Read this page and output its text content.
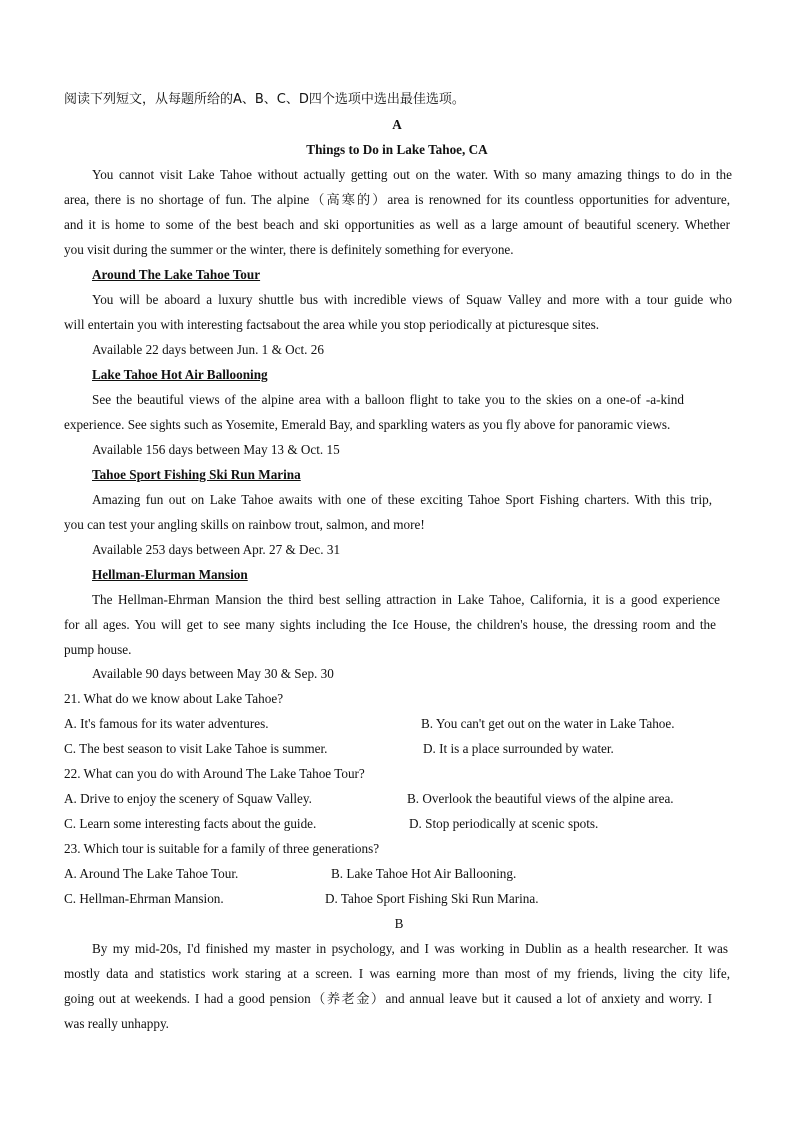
阅读下列短文，从每题所给的A、B、C、D四个选项中选出最佳选项。
A
Things to Do in Lake Tahoe, CA
You cannot visit Lake Tahoe without actually getting out on the water. With so many amazing things to do in the
area, there is no shortage of fun. The alpine（高寒的）area is renowned for its countless opportunities for adventure,
and it is home to some of the best beach and ski opportunities as well as a large amount of beautiful scenery. Whether
you visit during the summer or the winter, there is definitely something for everyone.
Around The Lake Tahoe Tour
You will be aboard a luxury shuttle bus with incredible views of Squaw Valley and more with a tour guide who
will entertain you with interesting factsabout the area while you stop periodically at picturesque sites.
Available 22 days between Jun. 1 & Oct. 26
Lake Tahoe Hot Air Ballooning
See the beautiful views of the alpine area with a balloon flight to take you to the skies on a one-of -a-kind
experience. See sights such as Yosemite, Emerald Bay, and sparkling waters as you fly above for panoramic views.
Available 156 days between May 13 & Oct. 15
Tahoe Sport Fishing Ski Run Marina
Amazing fun out on Lake Tahoe awaits with one of these exciting Tahoe Sport Fishing charters. With this trip,
you can test your angling skills on rainbow trout, salmon, and more!
Available 253 days between Apr. 27 & Dec. 31
Hellman-Elurman Mansion
The Hellman-Ehrman Mansion the third best selling attraction in Lake Tahoe, California, it is a good experience
for all ages. You will get to see many sights including the Ice House, the children's house, the dressing room and the
pump house.
Available 90 days between May 30 & Sep. 30
21. What do we know about Lake Tahoe?
A. It's famous for its water adventures.	B. You can't get out on the water in Lake Tahoe.
C. The best season to visit Lake Tahoe is summer.	D. It is a place surrounded by water.
22. What can you do with Around The Lake Tahoe Tour?
A. Drive to enjoy the scenery of Squaw Valley.	B. Overlook the beautiful views of the alpine area.
C. Learn some interesting facts about the guide.	D. Stop periodically at scenic spots.
23. Which tour is suitable for a family of three generations?
A. Around The Lake Tahoe Tour.	B. Lake Tahoe Hot Air Ballooning.
C. Hellman-Ehrman Mansion.	D. Tahoe Sport Fishing Ski Run Marina.
B
By my mid-20s, I'd finished my master in psychology, and I was working in Dublin as a health researcher. It was
mostly data and statistics work staring at a screen. I was earning more than most of my friends, living the city life,
going out at weekends. I had a good pension（养老金）and annual leave but it caused a lot of anxiety and worry. I
was really unhappy.
